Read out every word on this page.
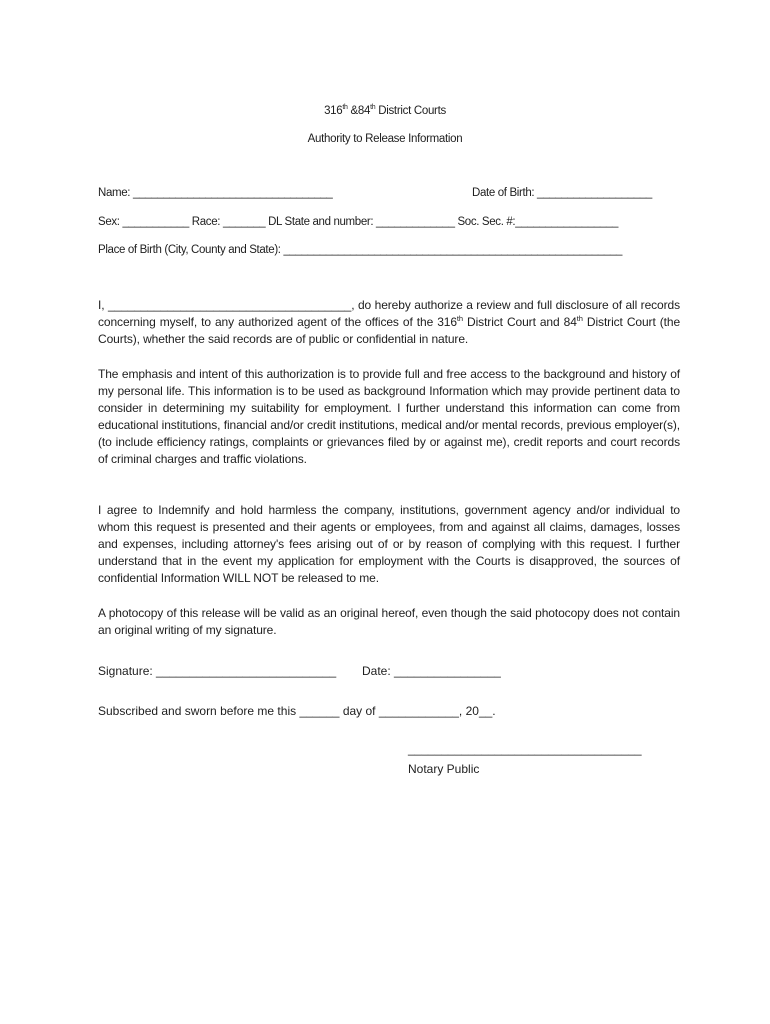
316th &84th District Courts
Authority to Release Information
Name: _________________________________	Date of Birth: ___________________
Sex: ___________ Race: _______ DL State and number: _____________ Soc. Sec. #:_________________
Place of Birth (City, County and State): ________________________________________________________
I, _____________________________________, do hereby authorize a review and full disclosure of all records concerning myself, to any authorized agent of the offices of the 316th District Court and 84th District Court (the Courts), whether the said records are of public or confidential in nature.
The emphasis and intent of this authorization is to provide full and free access to the background and history of my personal life. This information is to be used as background Information which may provide pertinent data to consider in determining my suitability for employment. I further understand this information can come from educational institutions, financial and/or credit institutions, medical and/or mental records, previous employer(s), (to include efficiency ratings, complaints or grievances filed by or against me), credit reports and court records of criminal charges and traffic violations.
I agree to Indemnify and hold harmless the company, institutions, government agency and/or individual to whom this request is presented and their agents or employees, from and against all claims, damages, losses and expenses, including attorney's fees arising out of or by reason of complying with this request. I further understand that in the event my application for employment with the Courts is disapproved, the sources of confidential Information WILL NOT be released to me.
A photocopy of this release will be valid as an original hereof, even though the said photocopy does not contain an original writing of my signature.
Signature: ___________________________ Date: ________________
Subscribed and sworn before me this ______ day of ____________, 20__.
___________________________________
Notary Public
